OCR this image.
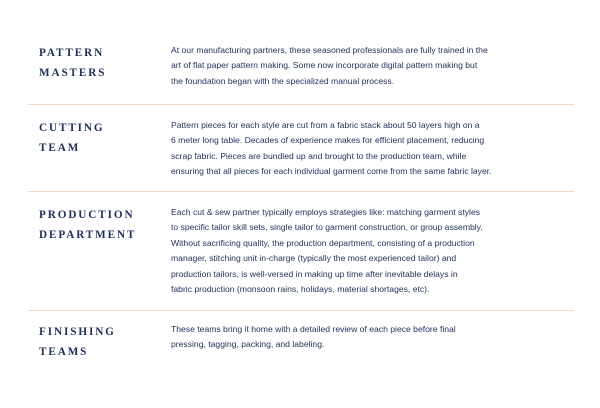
PATTERN
MASTERS
At our manufacturing partners, these seasoned professionals are fully trained in the
art of flat paper pattern making. Some now incorporate digital pattern making but
the foundation began with the specialized manual process.
CUTTING
TEAM
Pattern pieces for each style are cut from a fabric stack about 50 layers high on a
6 meter long table. Decades of experience makes for efficient placement, reducing
scrap fabric. Pieces are bundled up and brought to the production team, while
ensuring that all pieces for each individual garment come from the same fabric layer.
PRODUCTION
DEPARTMENT
Each cut & sew partner typically employs strategies like: matching garment styles
to specific tailor skill sets, single tailor to garment construction, or group assembly.
Without sacrificing quality, the production department, consisting of a production
manager, stitching unit in-charge (typically the most experienced tailor) and
production tailors, is well-versed in making up time after inevitable delays in
fabric production (monsoon rains, holidays, material shortages, etc).
FINISHING
TEAMS
These teams bring it home with a detailed review of each piece before final
pressing, tagging, packing, and labeling.
